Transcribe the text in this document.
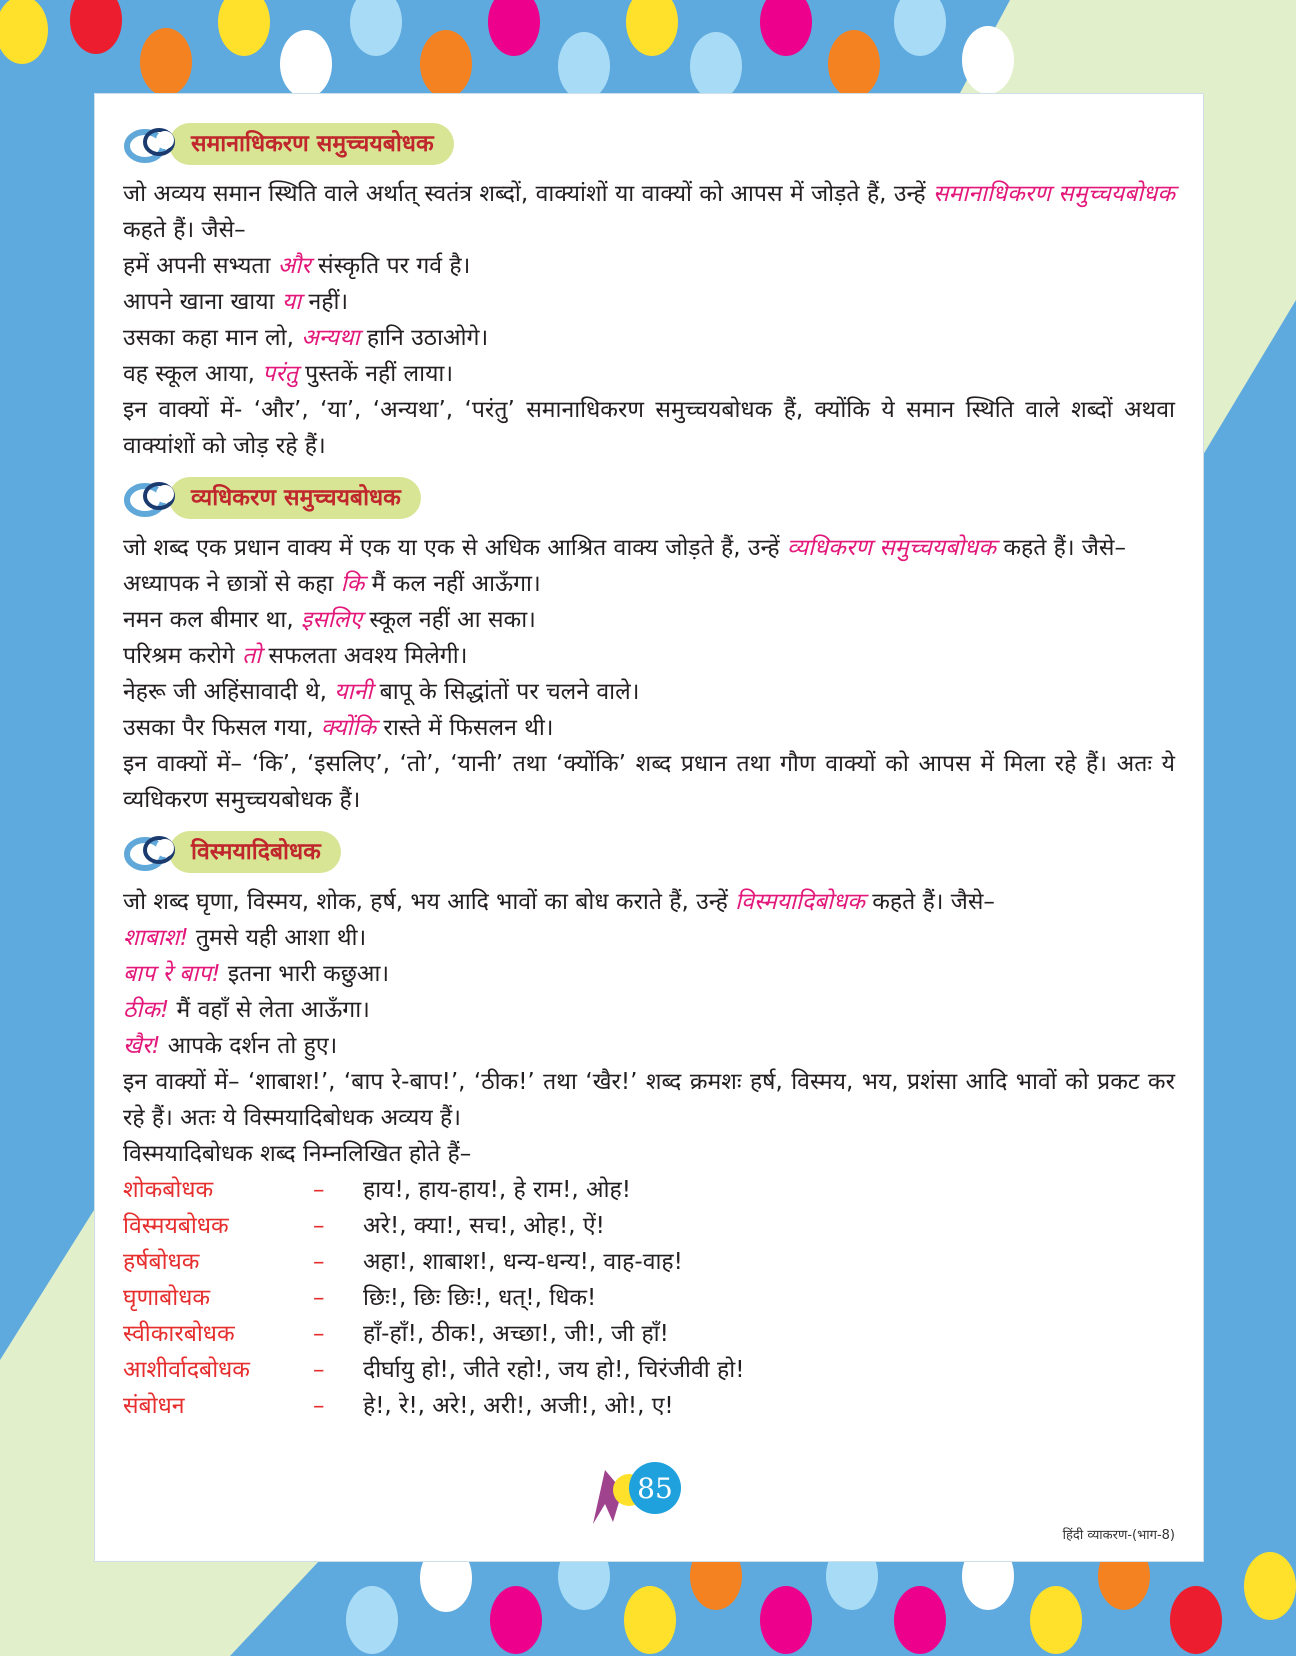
समानाधिकरण समुच्चयबोधक

जो अव्यय समान स्थिति वाले अर्थात् स्वतंत्र शब्दों, वाक्यांशों या वाक्यों को आपस में जोड़ते हैं, उन्हें समानाधिकरण समुच्चयबोधक कहते हैं। जैसे–

हमें अपनी सभ्यता और संस्कृति पर गर्व है।

आपने खाना खाया या नहीं।

उसका कहा मान लो, अन्यथा हानि उठाओगे।

वह स्कूल आया, परंतु पुस्तकें नहीं लाया।

इन वाक्यों में- ‘और’, ‘या’, ‘अन्यथा’, ‘परंतु’ समानाधिकरण समुच्चयबोधक हैं, क्योंकि ये समान स्थिति वाले शब्दों अथवा वाक्यांशों को जोड़ रहे हैं।

व्यधिकरण समुच्चयबोधक

जो शब्द एक प्रधान वाक्य में एक या एक से अधिक आश्रित वाक्य जोड़ते हैं, उन्हें व्यधिकरण समुच्चयबोधक कहते हैं। जैसे–

अध्यापक ने छात्रों से कहा कि मैं कल नहीं आऊँगा।

नमन कल बीमार था, इसलिए स्कूल नहीं आ सका।

परिश्रम करोगे तो सफलता अवश्य मिलेगी।

नेहरू जी अहिंसावादी थे, यानी बापू के सिद्धांतों पर चलने वाले।

उसका पैर फिसल गया, क्योंकि रास्ते में फिसलन थी।

इन वाक्यों में– ‘कि’, ‘इसलिए’, ‘तो’, ‘यानी’ तथा ‘क्योंकि’ शब्द प्रधान तथा गौण वाक्यों को आपस में मिला रहे हैं। अतः ये व्यधिकरण समुच्चयबोधक हैं।

विस्मयादिबोधक

जो शब्द घृणा, विस्मय, शोक, हर्ष, भय आदि भावों का बोध कराते हैं, उन्हें विस्मयादिबोधक कहते हैं। जैसे–

शाबाश! तुमसे यही आशा थी।

बाप रे बाप! इतना भारी कछुआ।

ठीक! मैं वहाँ से लेता आऊँगा।

खैर! आपके दर्शन तो हुए।

इन वाक्यों में– ‘शाबाश!’, ‘बाप रे-बाप!’, ‘ठीक!’ तथा ‘खैर!’ शब्द क्रमशः हर्ष, विस्मय, भय, प्रशंसा आदि भावों को प्रकट कर रहे हैं। अतः ये विस्मयादिबोधक अव्यय हैं।

विस्मयादिबोधक शब्द निम्नलिखित होते हैं–

शोकबोधक	–	हाय!, हाय-हाय!, हे राम!, ओह!
विस्मयबोधक	–	अरे!, क्या!, सच!, ओह!, ऐं!
हर्षबोधक	–	अहा!, शाबाश!, धन्य-धन्य!, वाह-वाह!
घृणाबोधक	–	छिः!, छिः छिः!, धत्!, धिक!
स्वीकारबोधक	–	हाँ-हाँ!, ठीक!, अच्छा!, जी!, जी हाँ!
आशीर्वादबोधक	–	दीर्घायु हो!, जीते रहो!, जय हो!, चिरंजीवी हो!
संबोधन	–	हे!, रे!, अरे!, अरी!, अजी!, ओ!, ए!
85
हिंदी व्याकरण-(भाग-8)
